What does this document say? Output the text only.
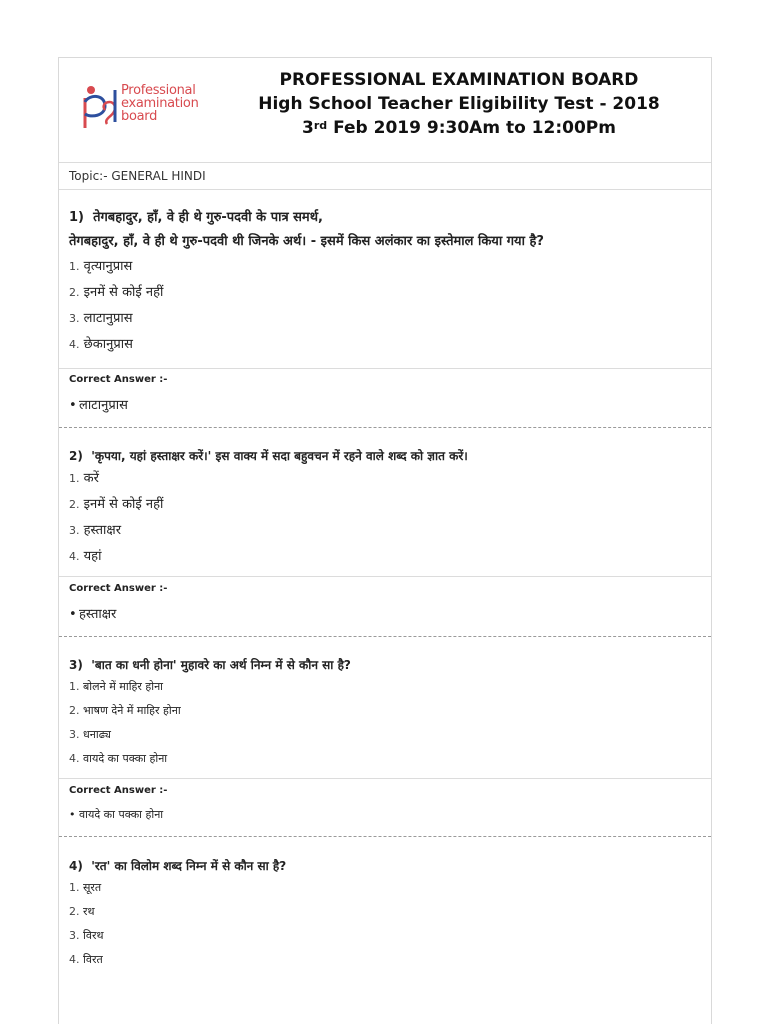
Professional
examination
board
PROFESSIONAL EXAMINATION BOARD
High School Teacher Eligibility Test - 2018
3rd Feb 2019 9:30Am to 12:00Pm
Topic:- GENERAL HINDI
1) तेगबहादुर, हाँ, वे ही थे गुरु-पदवी के पात्र समर्थ,
तेगबहादुर, हाँ, वे ही थे गुरु-पदवी थी जिनके अर्थ। - इसमें किस अलंकार का इस्तेमाल किया गया है?
1. वृत्यानुप्रास
2. इनमें से कोई नहीं
3. लाटानुप्रास
4. छेकानुप्रास
Correct Answer :-
• लाटानुप्रास
2) 'कृपया, यहां हस्ताक्षर करें।' इस वाक्य में सदा बहुवचन में रहने वाले शब्द को ज्ञात करें।
1. करें
2. इनमें से कोई नहीं
3. हस्ताक्षर
4. यहां
Correct Answer :-
• हस्ताक्षर
3) 'बात का धनी होना' मुहावरे का अर्थ निम्न में से कौन सा है?
1. बोलने में माहिर होना
2. भाषण देने में माहिर होना
3. धनाढ्य
4. वायदे का पक्का होना
Correct Answer :-
• वायदे का पक्का होना
4) 'रत' का विलोम शब्द निम्न में से कौन सा है?
1. सूरत
2. रथ
3. विरथ
4. विरत
